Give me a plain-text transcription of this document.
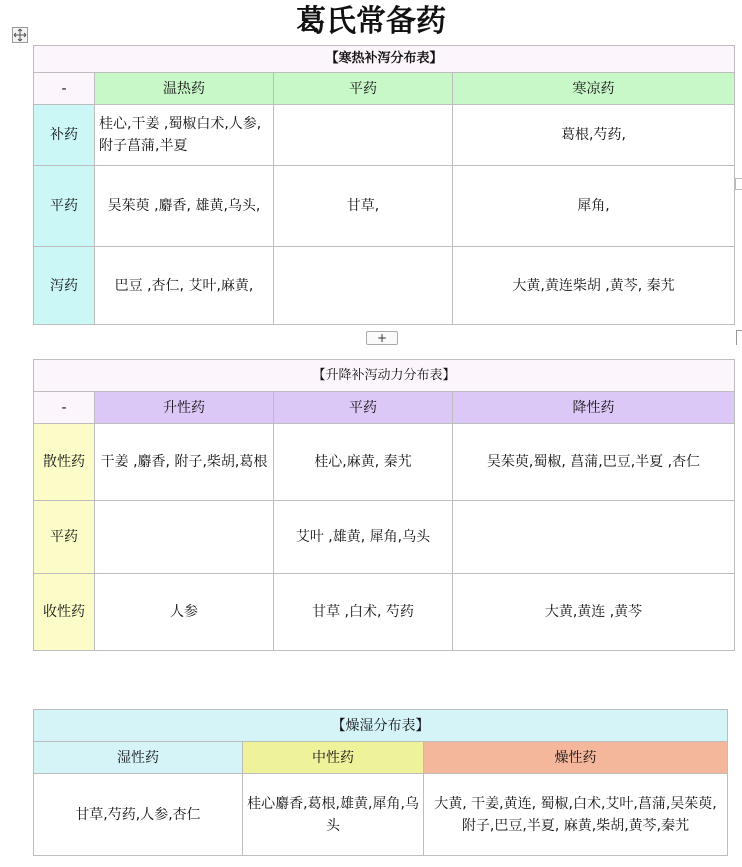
葛氏常备药
【寒热补泻分布表】			
-	温热药	平药	寒凉药
补药	桂心,干姜 ,蜀椒白术,人参,附子菖蒲,半夏		葛根,芍药,
平药	吴茱萸 ,麝香, 雄黄,乌头,	甘草,	犀角,
泻药	巴豆 ,杏仁, 艾叶,麻黄,		大黄,黄连柴胡 ,黄芩, 秦艽
+
【升降补泻动力分布表】			
-	升性药	平药	降性药
散性药	干姜 ,麝香, 附子,柴胡,葛根	桂心,麻黄, 秦艽	吴茱萸,蜀椒, 菖蒲,巴豆,半夏 ,杏仁
平药		艾叶 ,雄黄, 犀角,乌头	
收性药	人参	甘草 ,白术, 芍药	大黄,黄连 ,黄芩
【燥湿分布表】		
湿性药	中性药	燥性药
甘草,芍药,人参,杏仁	桂心麝香,葛根,雄黄,犀角,乌头	大黄, 干姜,黄连, 蜀椒,白术,艾叶,菖蒲,吴茱萸,附子,巴豆,半夏, 麻黄,柴胡,黄芩,秦艽
